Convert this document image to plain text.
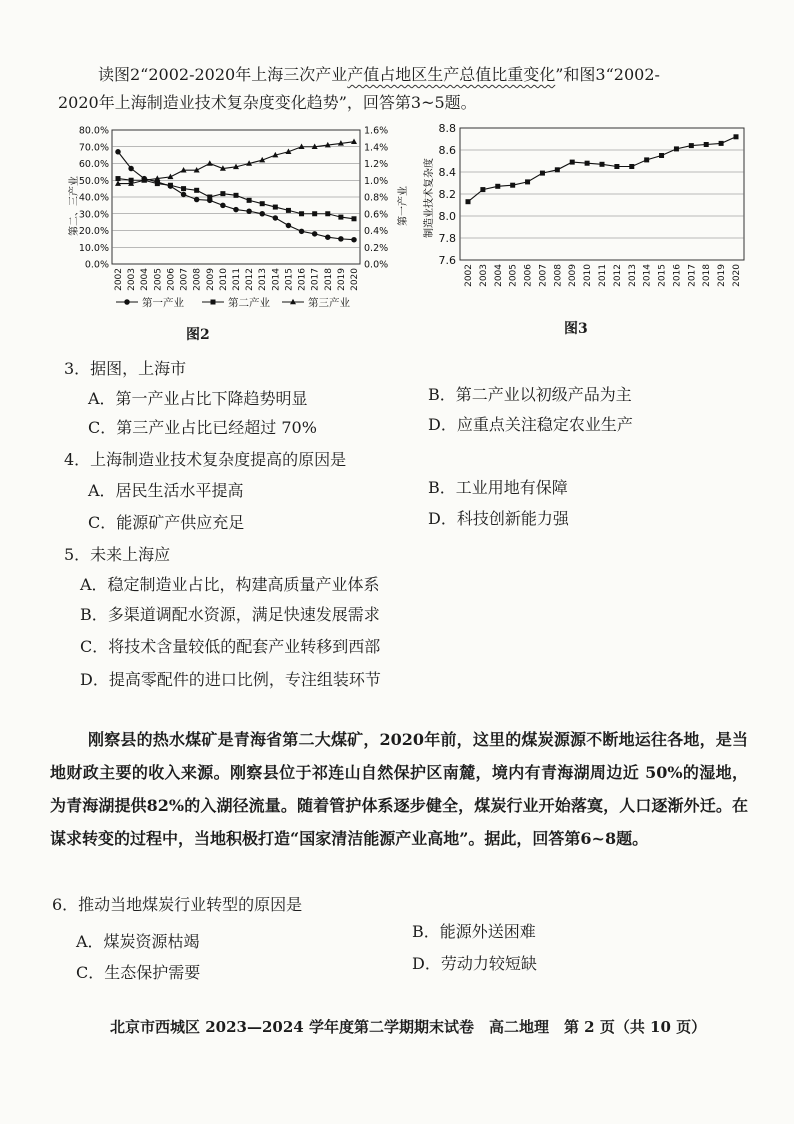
读图2“2002-2020年上海三次产业产值占地区生产总值比重变化”和图3“2002-
2020年上海制造业技术复杂度变化趋势”，回答第3~5题。
0.0%
10.0%
20.0%
30.0%
40.0%
50.0%
60.0%
70.0%
80.0%
0.0%
0.2%
0.4%
0.6%
0.8%
1.0%
1.2%
1.4%
1.6%
2002 2003 2004 2005 2006 2007 2008 2009 2010 2011 2012 2013 2014 2015 2016 2017 2018 2019 2020
第二、三产业	第一产业
第一产业	第二产业	第三产业
图2
7.6
7.8
8.0
8.2
8.4
8.6
8.8
2002 2003 2004 2005 2006 2007 2008 2009 2010 2011 2012 2013 2014 2015 2016 2017 2018 2019 2020
制造业技术复杂度
图3
3．据图，上海市
A．第一产业占比下降趋势明显	B．第二产业以初级产品为主
C．第三产业占比已经超过 70%	D．应重点关注稳定农业生产
4．上海制造业技术复杂度提高的原因是
A．居民生活水平提高	B．工业用地有保障
C．能源矿产供应充足	D．科技创新能力强
5．未来上海应
A．稳定制造业占比，构建高质量产业体系
B．多渠道调配水资源，满足快速发展需求
C．将技术含量较低的配套产业转移到西部
D．提高零配件的进口比例，专注组装环节
刚察县的热水煤矿是青海省第二大煤矿，2020年前，这里的煤炭源源不断地运往各地，是当地财政主要的收入来源。刚察县位于祁连山自然保护区南麓，境内有青海湖周边近 50%的湿地，为青海湖提供82%的入湖径流量。随着管护体系逐步健全，煤炭行业开始落寞，人口逐渐外迁。在谋求转变的过程中，当地积极打造“国家清洁能源产业高地”。据此，回答第6~8题。
6．推动当地煤炭行业转型的原因是
A．煤炭资源枯竭
B．能源外送困难
C．生态保护需要	D．劳动力较短缺
北京市西城区 2023—2024 学年度第二学期期末试卷　高二地理　第 2 页（共 10 页）
